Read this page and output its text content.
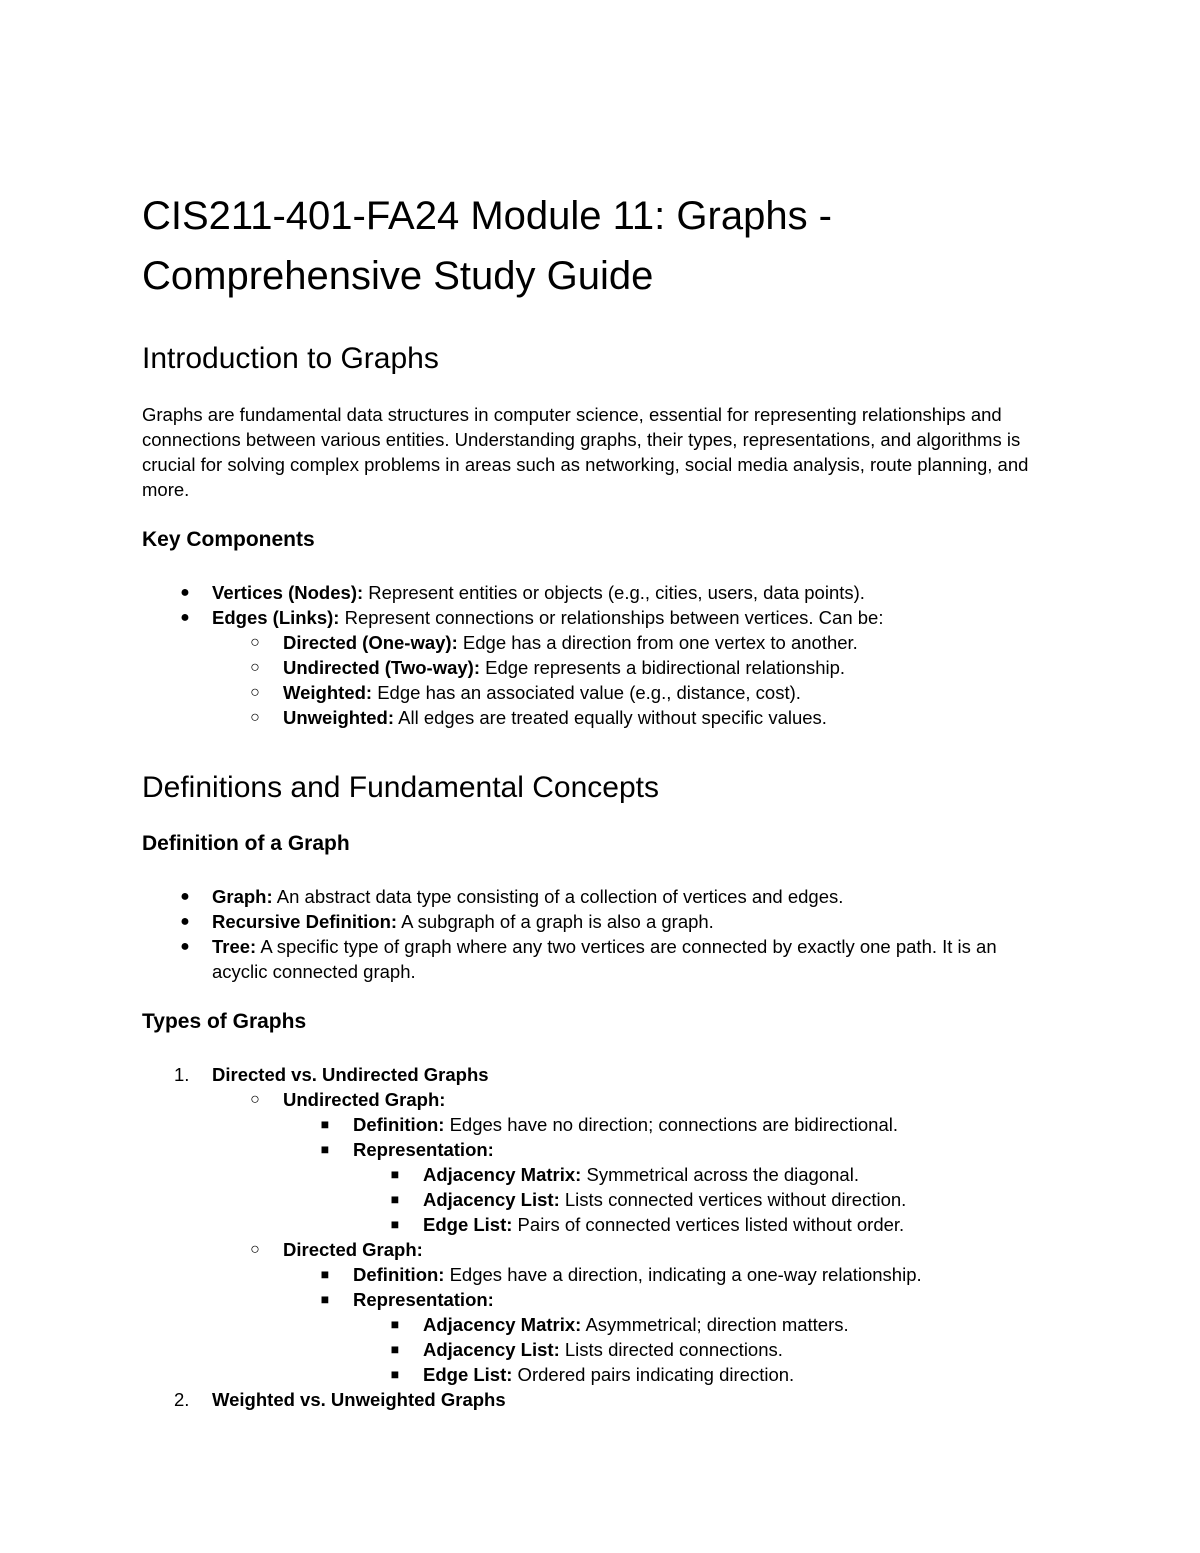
CIS211-401-FA24 Module 11: Graphs - Comprehensive Study Guide
Introduction to Graphs

Graphs are fundamental data structures in computer science, essential for representing relationships and connections between various entities. Understanding graphs, their types, representations, and algorithms is crucial for solving complex problems in areas such as networking, social media analysis, route planning, and more.

Key Components
●	Vertices (Nodes): Represent entities or objects (e.g., cities, users, data points).
●	Edges (Links): Represent connections or relationships between vertices. Can be:
○	Directed (One-way): Edge has a direction from one vertex to another.
○	Undirected (Two-way): Edge represents a bidirectional relationship.
○	Weighted: Edge has an associated value (e.g., distance, cost).
○	Unweighted: All edges are treated equally without specific values.
Definitions and Fundamental Concepts
Definition of a Graph
●	Graph: An abstract data type consisting of a collection of vertices and edges.
●	Recursive Definition: A subgraph of a graph is also a graph.
●	Tree: A specific type of graph where any two vertices are connected by exactly one path. It is an acyclic connected graph.
Types of Graphs
1. Directed vs. Undirected Graphs
○	Undirected Graph:
■	Definition: Edges have no direction; connections are bidirectional.
■	Representation:
■	Adjacency Matrix: Symmetrical across the diagonal.
■	Adjacency List: Lists connected vertices without direction.
■	Edge List: Pairs of connected vertices listed without order.
○	Directed Graph:
■	Definition: Edges have a direction, indicating a one-way relationship.
■	Representation:
■	Adjacency Matrix: Asymmetrical; direction matters.
■	Adjacency List: Lists directed connections.
■	Edge List: Ordered pairs indicating direction.
2. Weighted vs. Unweighted Graphs
